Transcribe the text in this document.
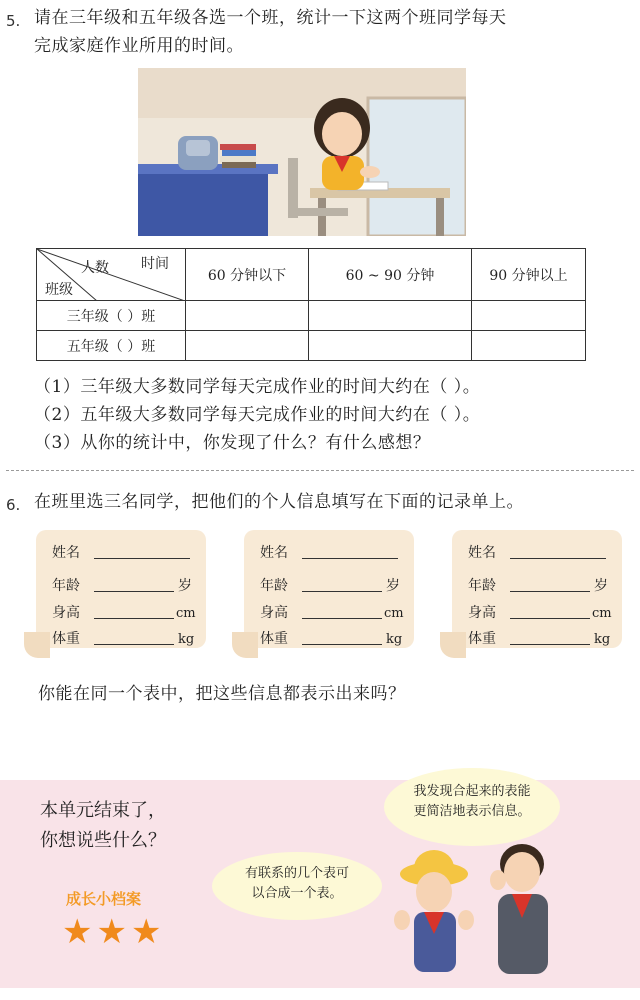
5. 请在三年级和五年级各选一个班，统计一下这两个班同学每天
完成家庭作业所用的时间。
时间
人数
班级	60 分钟以下	60 ~ 90 分钟	90 分钟以上
三年级（ ）班			
五年级（ ）班			
（1）三年级大多数同学每天完成作业的时间大约在（ ）。
（2）五年级大多数同学每天完成作业的时间大约在（ ）。
（3）从你的统计中，你发现了什么？有什么感想？
6. 在班里选三名同学，把他们的个人信息填写在下面的记录单上。
姓名
年龄	岁
身高	cm
体重	kg
姓名
年龄	岁
身高	cm
体重	kg
姓名
年龄	岁
身高	cm
体重	kg
你能在同一个表中，把这些信息都表示出来吗？
本单元结束了，
你想说些什么？
我发现合起来的表能
更简洁地表示信息。
有联系的几个表可
以合成一个表。
成长小档案
★ ★ ★
